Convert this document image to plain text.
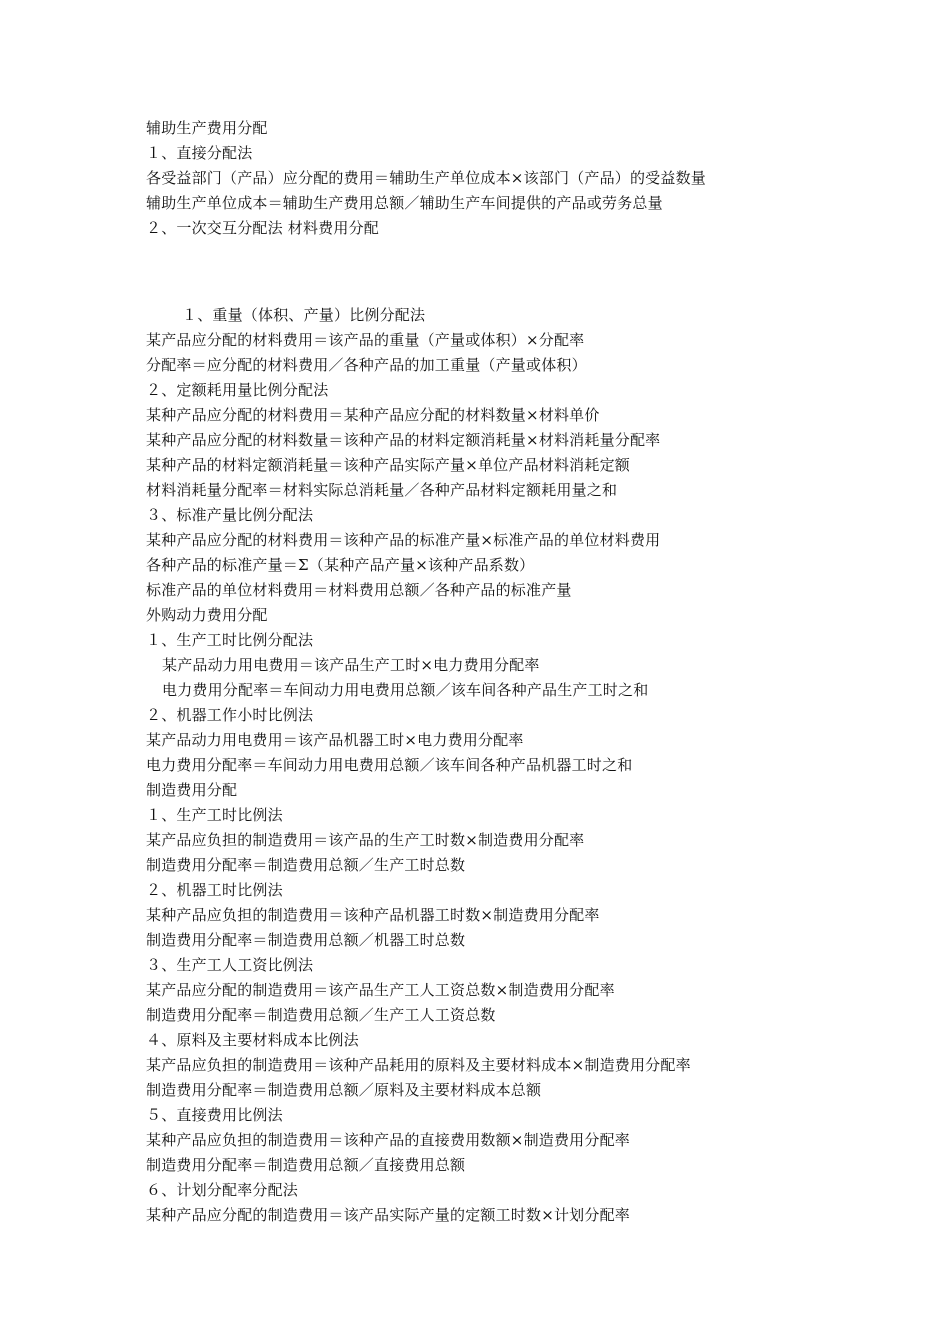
辅助生产费用分配
１、直接分配法
各受益部门（产品）应分配的费用＝辅助生产单位成本×该部门（产品）的受益数量
辅助生产单位成本＝辅助生产费用总额／辅助生产车间提供的产品或劳务总量
２、一次交互分配法 材料费用分配
１、重量（体积、产量）比例分配法
某产品应分配的材料费用＝该产品的重量（产量或体积）×分配率
分配率＝应分配的材料费用／各种产品的加工重量（产量或体积）
２、定额耗用量比例分配法
某种产品应分配的材料费用＝某种产品应分配的材料数量×材料单价
某种产品应分配的材料数量＝该种产品的材料定额消耗量×材料消耗量分配率
某种产品的材料定额消耗量＝该种产品实际产量×单位产品材料消耗定额
材料消耗量分配率＝材料实际总消耗量／各种产品材料定额耗用量之和
３、标准产量比例分配法
某种产品应分配的材料费用＝该种产品的标准产量×标准产品的单位材料费用
各种产品的标准产量＝Σ（某种产品产量×该种产品系数）
标准产品的单位材料费用＝材料费用总额／各种产品的标准产量
外购动力费用分配
１、生产工时比例分配法
某产品动力用电费用＝该产品生产工时×电力费用分配率
电力费用分配率＝车间动力用电费用总额／该车间各种产品生产工时之和
２、机器工作小时比例法
某产品动力用电费用＝该产品机器工时×电力费用分配率
电力费用分配率＝车间动力用电费用总额／该车间各种产品机器工时之和
制造费用分配
１、生产工时比例法
某产品应负担的制造费用＝该产品的生产工时数×制造费用分配率
制造费用分配率＝制造费用总额／生产工时总数
２、机器工时比例法
某种产品应负担的制造费用＝该种产品机器工时数×制造费用分配率
制造费用分配率＝制造费用总额／机器工时总数
３、生产工人工资比例法
某产品应分配的制造费用＝该产品生产工人工资总数×制造费用分配率
制造费用分配率＝制造费用总额／生产工人工资总数
４、原料及主要材料成本比例法
某产品应负担的制造费用＝该种产品耗用的原料及主要材料成本×制造费用分配率
制造费用分配率＝制造费用总额／原料及主要材料成本总额
５、直接费用比例法
某种产品应负担的制造费用＝该种产品的直接费用数额×制造费用分配率
制造费用分配率＝制造费用总额／直接费用总额
６、计划分配率分配法
某种产品应分配的制造费用＝该产品实际产量的定额工时数×计划分配率
